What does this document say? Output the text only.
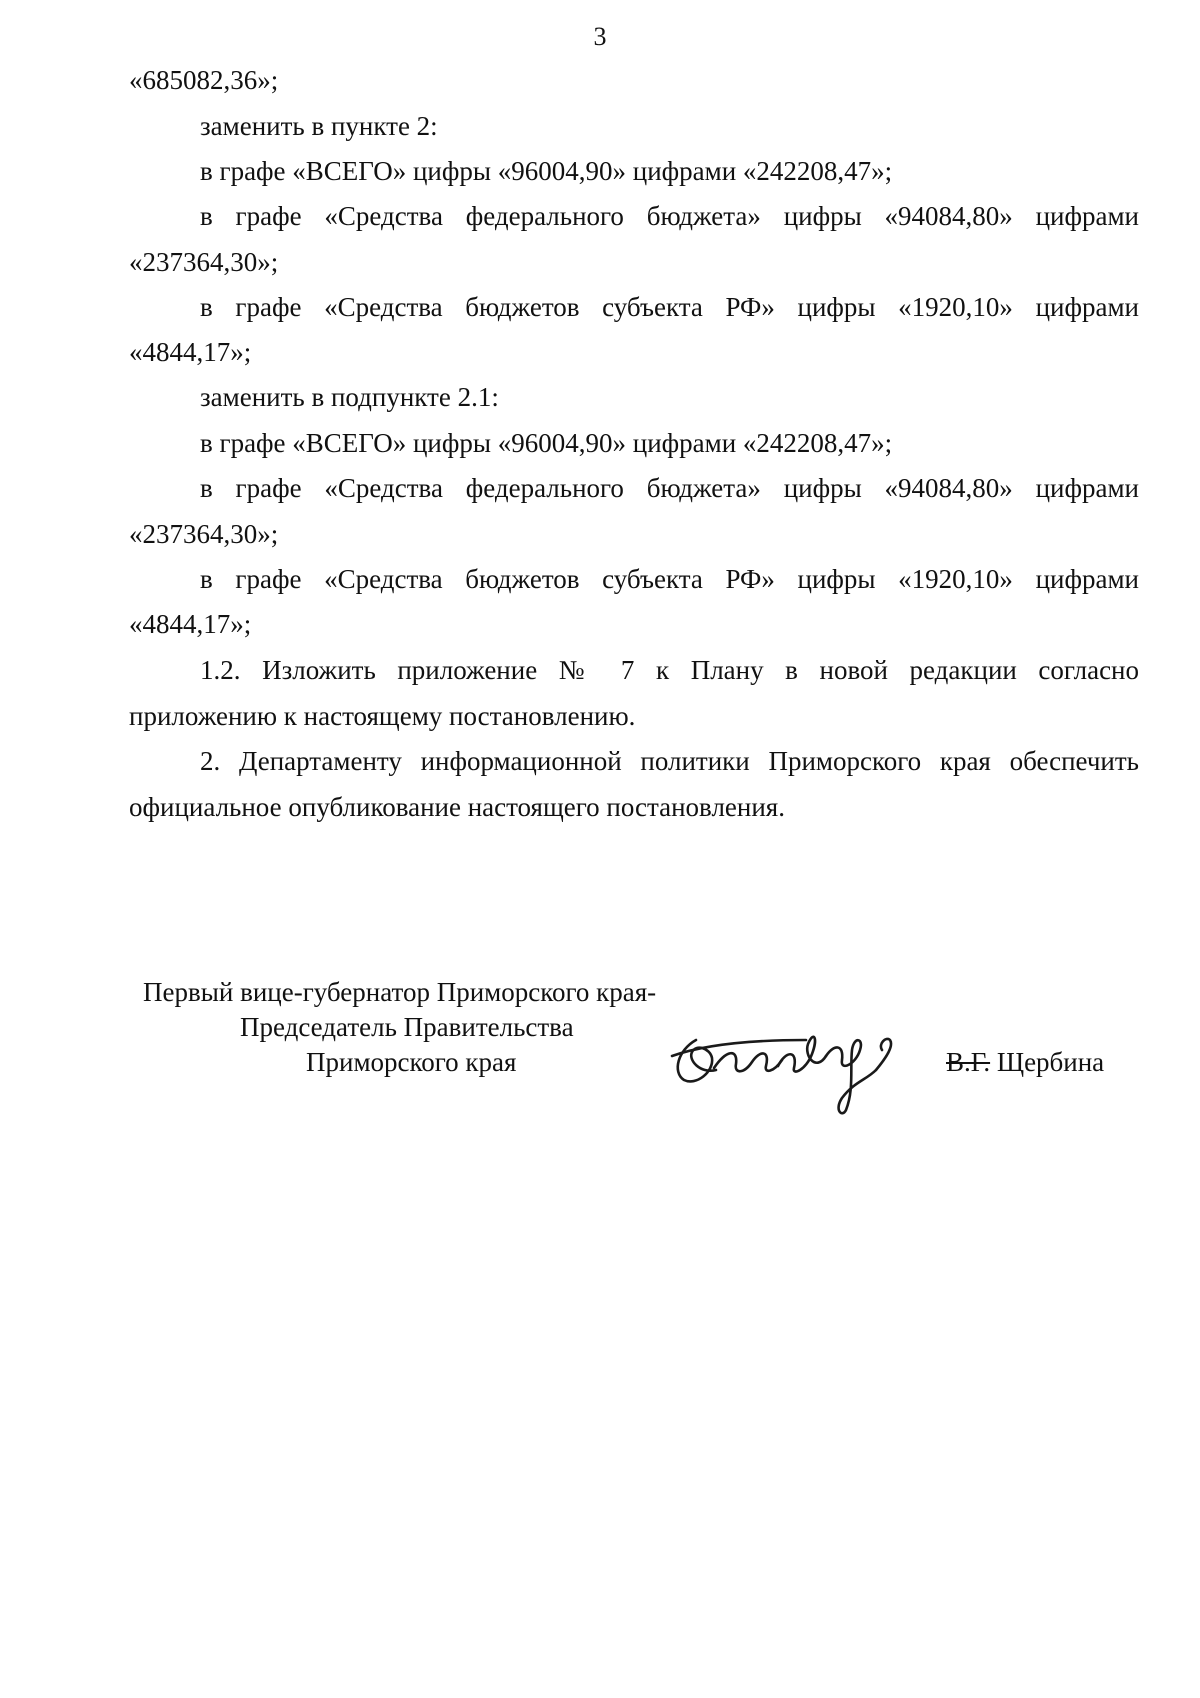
3
«685082,36»;
заменить в пункте 2:
в графе «ВСЕГО» цифры «96004,90» цифрами «242208,47»;
в графе «Средства федерального бюджета» цифры «94084,80» цифрами
«237364,30»;
в графе «Средства бюджетов субъекта РФ» цифры «1920,10» цифрами
«4844,17»;
заменить в подпункте 2.1:
в графе «ВСЕГО» цифры «96004,90» цифрами «242208,47»;
в графе «Средства федерального бюджета» цифры «94084,80» цифрами
«237364,30»;
в графе «Средства бюджетов субъекта РФ» цифры «1920,10» цифрами
«4844,17»;
1.2. Изложить приложение № 7 к Плану в новой редакции согласно
приложению к настоящему постановлению.
2. Департаменту информационной политики Приморского края обеспечить
официальное опубликование настоящего постановления.
Первый вице-губернатор Приморского края-
Председатель Правительства
Приморского края	В.Г. Щербина
